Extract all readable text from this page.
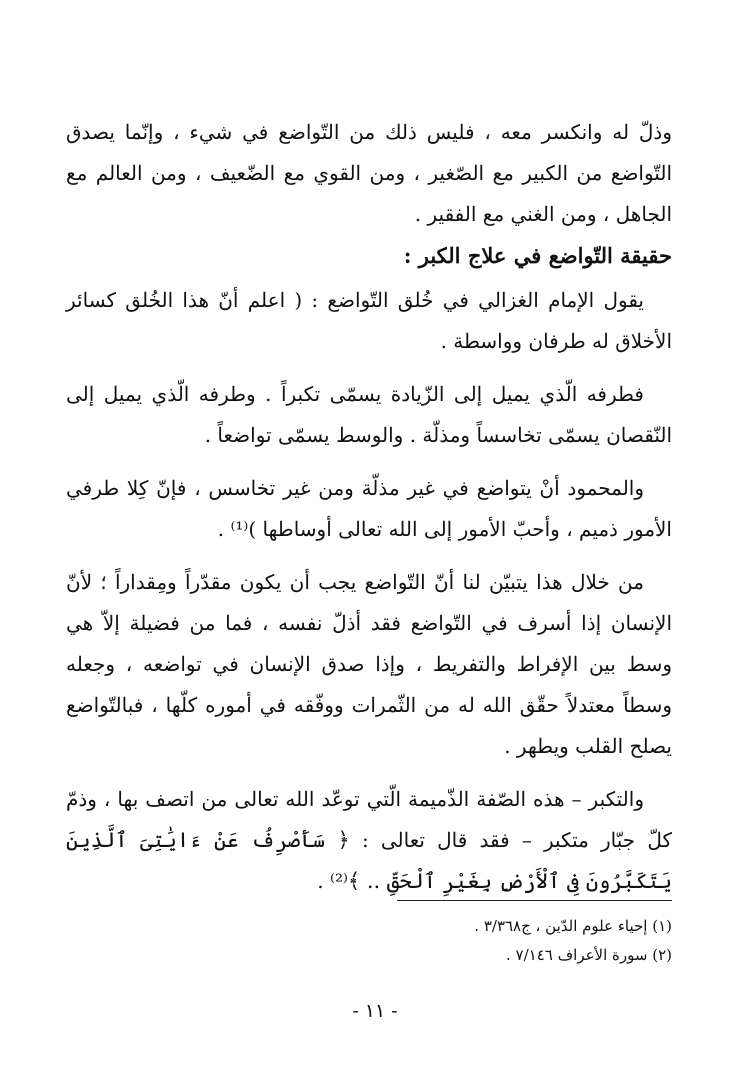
وذلّ له وانكسر معه ، فليس ذلك من التّواضع في شيء ، وإنّما يصدق التّواضع من الكبير مع الصّغير ، ومن القوي مع الضّعيف ، ومن العالم مع الجاهل ، ومن الغني مع الفقير .

حقيقة التّواضع في علاج الكبر :

يقول الإمام الغزالي في خُلق التّواضع : ( اعلم أنّ هذا الخُلق كسائر الأخلاق له طرفان وواسطة .

فطرفه الّذي يميل إلى الزّيادة يسمّى تكبراً . وطرفه الّذي يميل إلى النّقصان يسمّى تخاسساً ومذلّة . والوسط يسمّى تواضعاً .

والمحمود أنْ يتواضع في غير مذلّة ومن غير تخاسس ، فإنّ كِلا طرفي الأمور ذميم ، وأحبّ الأمور إلى الله تعالى أوساطها )⁽¹⁾ .

من خلال هذا يتبيّن لنا أنّ التّواضع يجب أن يكون مقدّراً ومِقداراً ؛ لأنّ الإنسان إذا أسرف في التّواضع فقد أذلّ نفسه ، فما من فضيلة إلاّ هي وسط بين الإفراط والتفريط ، وإذا صدق الإنسان في تواضعه ، وجعله وسطاً معتدلاً حقّق الله له من الثّمرات ووفّقه في أموره كلّها ، فبالتّواضع يصلح القلب ويطهر .

والتكبر – هذه الصّفة الذّميمة الّتي توعّد الله تعالى من اتصف بها ، وذمّ كلّ جبّار متكبر – فقد قال تعالى : ﴿ سَأَصْرِفُ عَنْ ءَايَٰتِىَ ٱلَّذِينَ يَتَكَبَّرُونَ فِى ٱلْأَرْضِ بِغَيْرِ ٱلْحَقِّ .. ﴾⁽²⁾ .

(١) إحياء علوم الدّين ، ج٣/٣٦٨ .

(٢) سورة الأعراف ٧/١٤٦ .

- ١١ -
